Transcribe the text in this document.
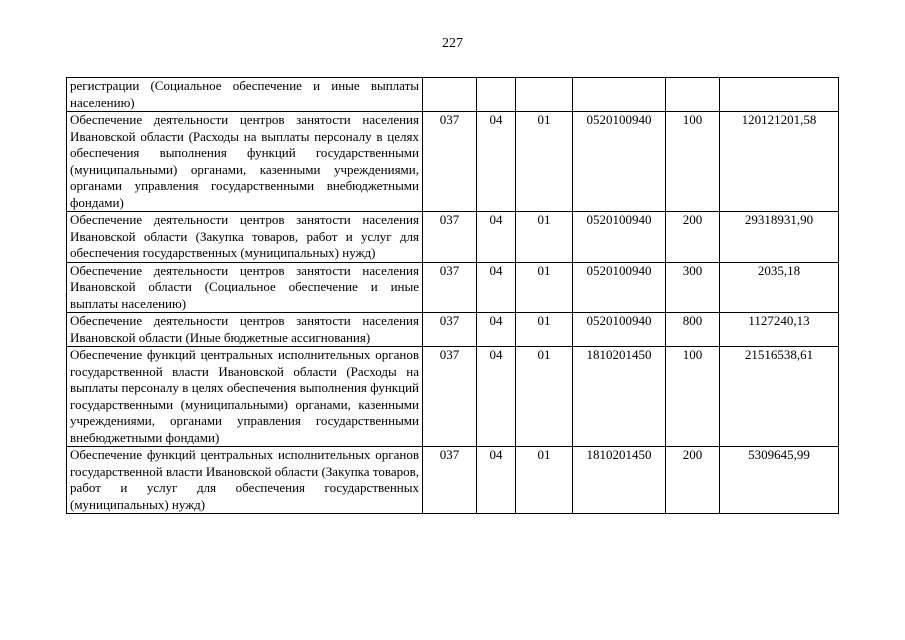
227
регистрации (Социальное обеспечение и иные выплаты населению)						
Обеспечение деятельности центров занятости населения Ивановской области (Расходы на выплаты персоналу в целях обеспечения выполнения функций государственными (муниципальными) органами, казенными учреждениями, органами управления государственными внебюджетными фондами)	037	04	01	0520100940	100	120121201,58
Обеспечение деятельности центров занятости населения Ивановской области (Закупка товаров, работ и услуг для обеспечения государственных (муниципальных) нужд)	037	04	01	0520100940	200	29318931,90
Обеспечение деятельности центров занятости населения Ивановской области (Социальное обеспечение и иные выплаты населению)	037	04	01	0520100940	300	2035,18
Обеспечение деятельности центров занятости населения Ивановской области (Иные бюджетные ассигнования)	037	04	01	0520100940	800	1127240,13
Обеспечение функций центральных исполнительных органов государственной власти Ивановской области (Расходы на выплаты персоналу в целях обеспечения выполнения функций государственными (муниципальными) органами, казенными учреждениями, органами управления государственными внебюджетными фондами)	037	04	01	1810201450	100	21516538,61
Обеспечение функций центральных исполнительных органов государственной власти Ивановской области (Закупка товаров, работ и услуг для обеспечения государственных (муниципальных) нужд)	037	04	01	1810201450	200	5309645,99
